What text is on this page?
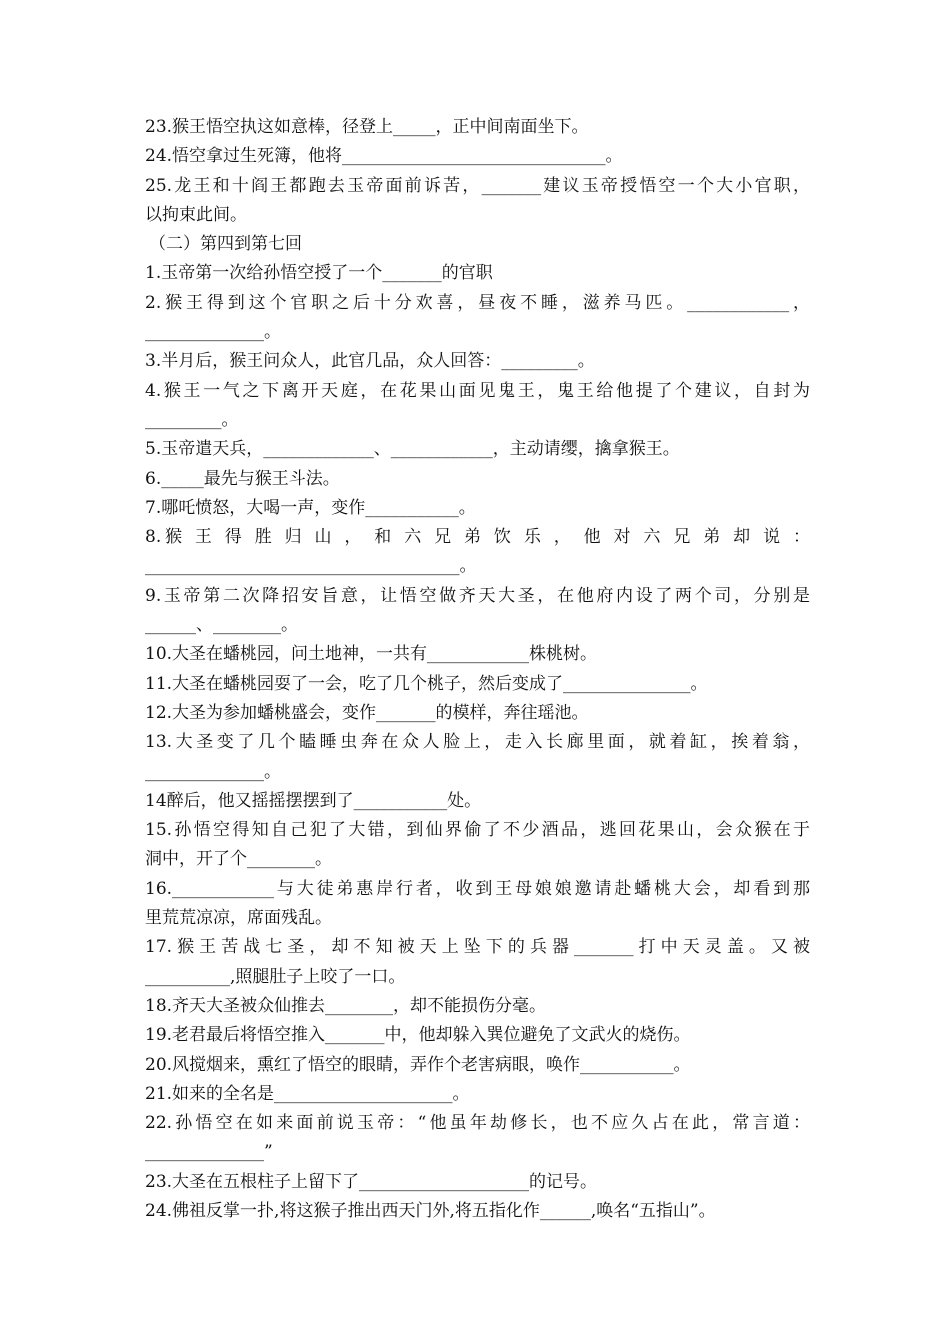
23.猴王悟空执这如意棒，径登上_____，正中间南面坐下。
24.悟空拿过生死簿，他将_______________________________。
25.龙王和十阎王都跑去玉帝面前诉苦，_______建议玉帝授悟空一个大小官职，
以拘束此间。
（二）第四到第七回
1.玉帝第一次给孙悟空授了一个_______的官职
2.猴王得到这个官职之后十分欢喜，昼夜不睡，滋养马匹。____________，
______________。
3.半月后，猴王问众人，此官几品，众人回答：_________。
4.猴王一气之下离开天庭，在花果山面见鬼王，鬼王给他提了个建议，自封为
_________。
5.玉帝遣天兵，_____________、____________，主动请缨，擒拿猴王。
6._____最先与猴王斗法。
7.哪吒愤怒，大喝一声，变作___________。
8.猴 王 得 胜 归 山 ， 和 六 兄 弟 饮 乐 ， 他 对 六 兄 弟 却 说 ：
_____________________________________。
9.玉帝第二次降招安旨意，让悟空做齐天大圣，在他府内设了两个司，分别是
______、________。
10.大圣在蟠桃园，问土地神，一共有____________株桃树。
11.大圣在蟠桃园耍了一会，吃了几个桃子，然后变成了_______________。
12.大圣为参加蟠桃盛会，变作_______的模样，奔往瑶池。
13.大圣变了几个瞌睡虫奔在众人脸上，走入长廊里面，就着缸，挨着翁，
______________。
14醉后，他又摇摇摆摆到了___________处。
15.孙悟空得知自己犯了大错，到仙界偷了不少酒品，逃回花果山，会众猴在于
洞中，开了个________。
16.____________与大徒弟惠岸行者，收到王母娘娘邀请赴蟠桃大会，却看到那
里荒荒凉凉，席面残乱。
17.猴王苦战七圣，却不知被天上坠下的兵器_______打中天灵盖。又被
__________,照腿肚子上咬了一口。
18.齐天大圣被众仙推去________，却不能损伤分毫。
19.老君最后将悟空推入_______中，他却躲入巽位避免了文武火的烧伤。
20.风搅烟来，熏红了悟空的眼睛，弄作个老害病眼，唤作___________。
21.如来的全名是_____________________。
22.孙悟空在如来面前说玉帝：“他虽年劫修长，也不应久占在此，常言道：
______________”
23.大圣在五根柱子上留下了____________________的记号。
24.佛祖反掌一扑,将这猴子推出西天门外,将五指化作______,唤名“五指山”。
